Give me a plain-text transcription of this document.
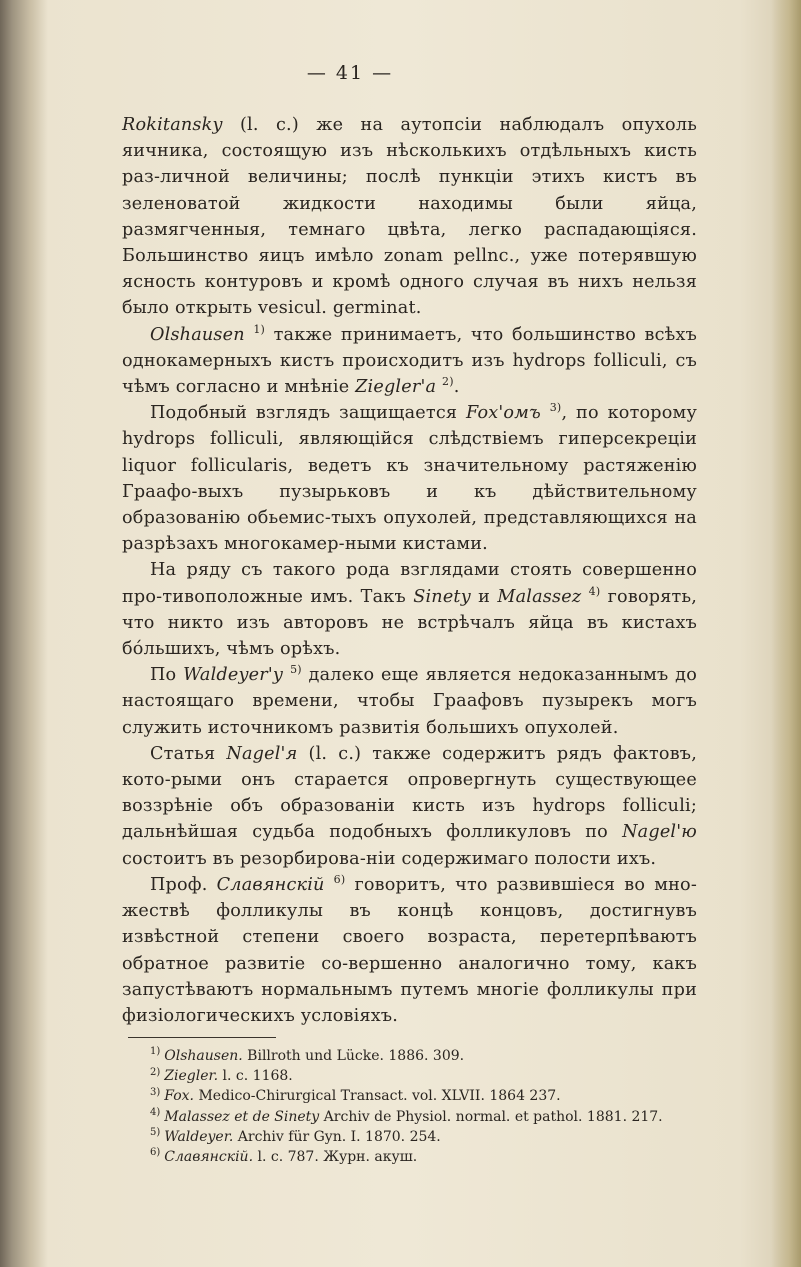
— 41 —

Rokitansky (l. c.) же на аутопсіи наблюдалъ опухоль яичника, состоящую изъ нѣсколькихъ отдѣльныхъ кисть раз-личной величины; послѣ пункціи этихъ кистъ въ зеленоватой жидкости находимы были яйца, размягченныя, темнаго цвѣта, легко распадающіяся. Большинство яицъ имѣло zonam pellnc., уже потерявшую ясность контуровъ и кромѣ одного случая въ нихъ нельзя было открыть vesicul. germinat.

Olshausen $^{1)}$ также принимаетъ, что большинство всѣхъ однокамерныхъ кистъ происходитъ изъ hydrops folliculi, съ чѣмъ согласно и мнѣніе Ziegler'a $^{2)}$.

Подобный взглядъ защищается Fox'омъ $^{3)}$, по которому hydrops folliculi, являющійся слѣдствіемъ гиперсекреціи liquor follicularis, ведетъ къ значительному растяженію Граафо-выхъ пузырьковъ и къ дѣйствительному образованію обьемис-тыхъ опухолей, представляющихся на разрѣзахъ многокамер-ными кистами.

На ряду съ такого рода взглядами стоять совершенно про-тивоположные имъ. Такъ Sinety и Malassez $^{4)}$ говорять, что никто изъ авторовъ не встрѣчалъ яйца въ кистахъ бóльшихъ, чѣмъ орѣхъ.

По Waldeyer'у $^{5)}$ далеко еще является недоказаннымъ до настоящаго времени, чтобы Граафовъ пузырекъ могъ служить источникомъ развитія большихъ опухолей.

Статья Nagel'я (l. c.) также содержитъ рядъ фактовъ, кото-рыми онъ старается опровергнуть существующее воззрѣніе объ образованіи кисть изъ hydrops folliculi; дальнѣйшая судьба подобныхъ фолликуловъ по Nagel'ю состоитъ въ резорбирова-ніи содержимаго полости ихъ.

Проф. Славянскій $^{6)}$ говоритъ, что развившіеся во мно-жествѣ фолликулы въ концѣ концовъ, достигнувъ извѣстной степени своего возраста, перетерпѣваютъ обратное развитіе со-вершенно аналогично тому, какъ запустѣваютъ нормальнымъ путемъ многіе фолликулы при физіологическихъ условіяхъ.

$^{1)}$ Olshausen. Billroth und Lücke. 1886. 309.
$^{2)}$ Ziegler. l. c. 1168.
$^{3)}$ Fox. Medico-Chirurgical Transact. vol. XLVII. 1864 237.
$^{4)}$ Malassez et de Sinety Archiv de Physiol. normal. et pathol. 1881. 217.
$^{5)}$ Waldeyer. Archiv für Gyn. I. 1870. 254.
$^{6)}$ Славянскій. l. c. 787. Журн. акуш.
